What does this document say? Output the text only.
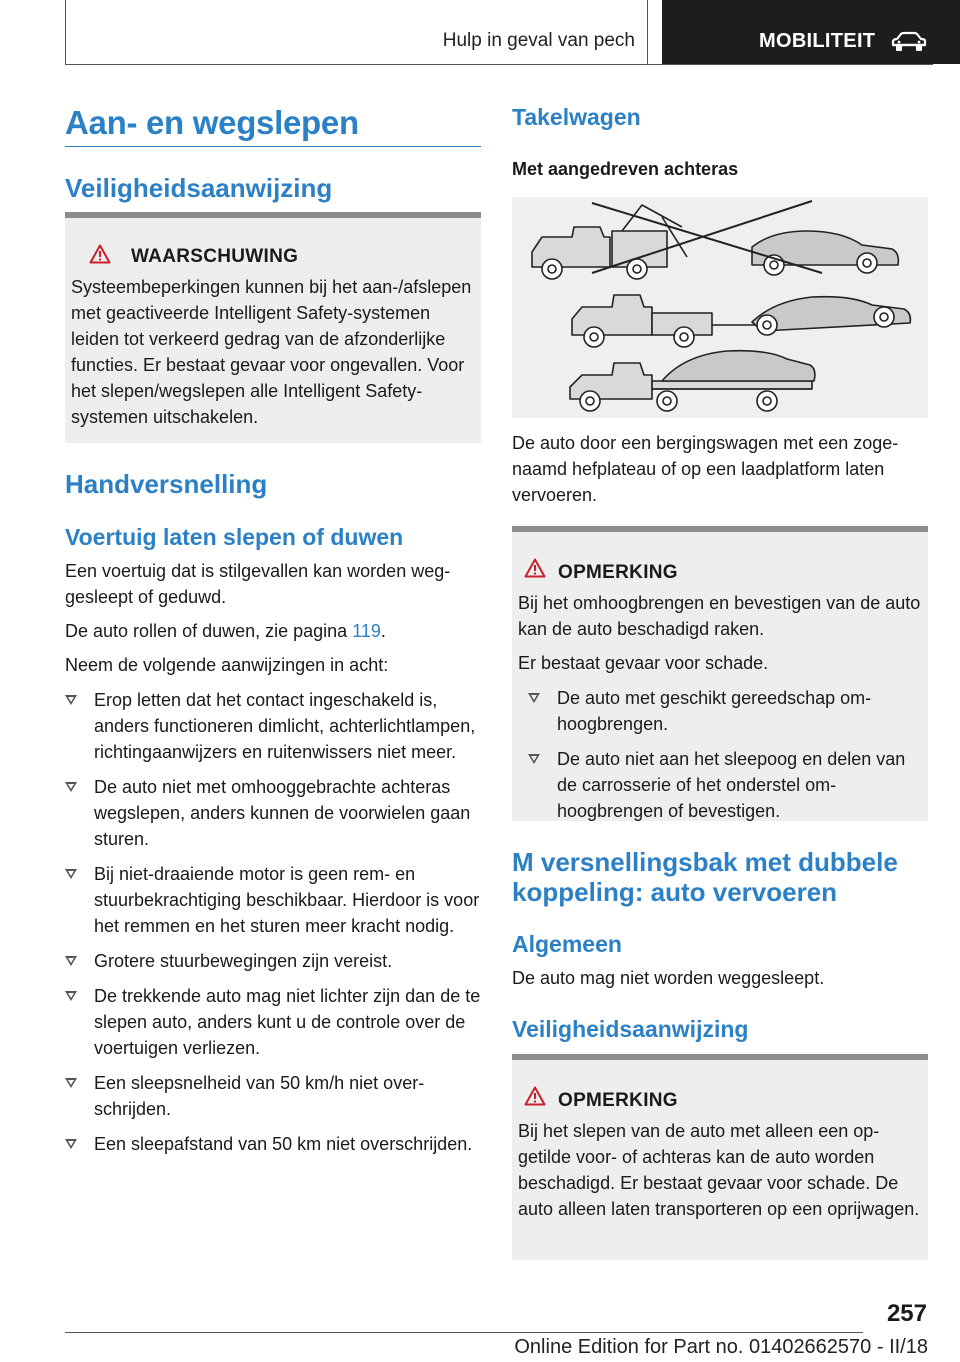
Hulp in geval van pech	MOBILITEIT
Aan- en wegslepen
Veiligheidsaanwijzing
WAARSCHUWING

Systeembeperkingen kunnen bij het aan-/afslepen met geactiveerde Intelligent Safety-systemen leiden tot verkeerd gedrag van de afzonderlijke functies. Er bestaat gevaar voor ongevallen. Voor het slepen/wegslepen alle Intelligent Safety-systemen uitschakelen.

Handversnelling
Voertuig laten slepen of duwen

Een voertuig dat is stilgevallen kan worden weggesleept of geduwd.

De auto rollen of duwen, zie pagina 119.

Neem de volgende aanwijzingen in acht:

Erop letten dat het contact ingeschakeld is, anders functioneren dimlicht, achterlichtlampen, richtingaanwijzers en ruitenwissers niet meer.
De auto niet met omhooggebrachte achteras wegslepen, anders kunnen de voorwielen gaan sturen.
Bij niet-draaiende motor is geen rem- en stuurbekrachtiging beschikbaar. Hierdoor is voor het remmen en het sturen meer kracht nodig.
Grotere stuurbewegingen zijn vereist.
De trekkende auto mag niet lichter zijn dan de te slepen auto, anders kunt u de controle over de voertuigen verliezen.
Een sleepsnelheid van 50 km/h niet overschrijden.
Een sleepafstand van 50 km niet overschrijden.
Takelwagen
Met aangedreven achteras

De auto door een bergingswagen met een zogenaamd hefplateau of op een laadplatform laten vervoeren.

OPMERKING

Bij het omhoogbrengen en bevestigen van de auto kan de auto beschadigd raken.

Er bestaat gevaar voor schade.

De auto met geschikt gereedschap omhoogbrengen.
De auto niet aan het sleepoog en delen van de carrosserie of het onderstel omhoogbrengen of bevestigen.
M versnellingsbak met dubbele
koppeling: auto vervoeren
Algemeen

De auto mag niet worden weggesleept.

Veiligheidsaanwijzing
OPMERKING

Bij het slepen van de auto met alleen een opgetilde voor- of achteras kan de auto worden beschadigd. Er bestaat gevaar voor schade. De auto alleen laten transporteren op een oprijwagen.

257
Online Edition for Part no. 01402662570 - II/18
